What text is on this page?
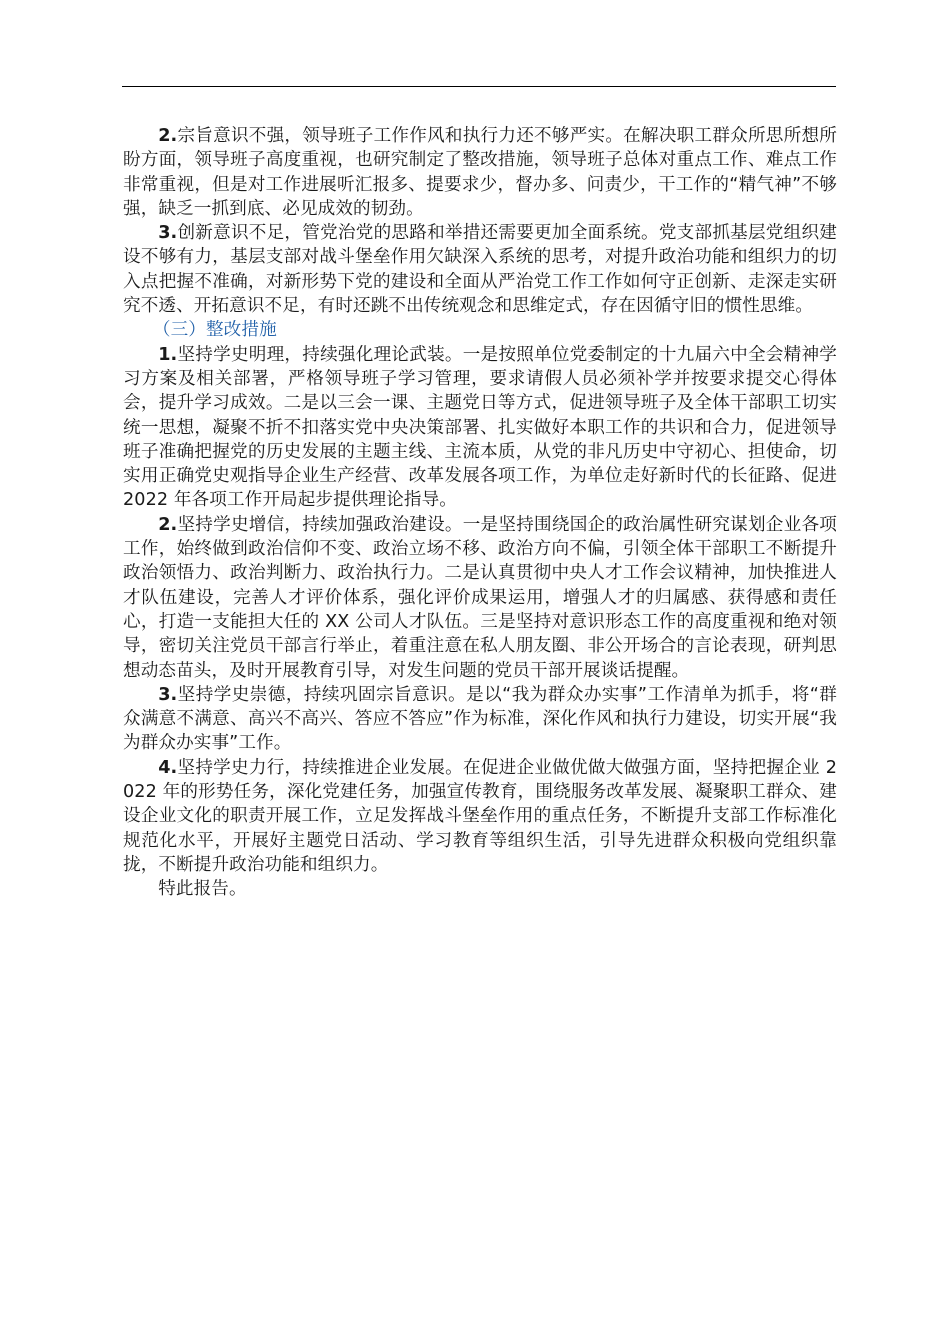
2.宗旨意识不强，领导班子工作作风和执行力还不够严实。在解决职工群众所思所想所盼方面，领导班子高度重视，也研究制定了整改措施，领导班子总体对重点工作、难点工作非常重视，但是对工作进展听汇报多、提要求少，督办多、问责少，干工作的“精气神”不够强，缺乏一抓到底、必见成效的韧劲。

3.创新意识不足，管党治党的思路和举措还需要更加全面系统。党支部抓基层党组织建设不够有力，基层支部对战斗堡垒作用欠缺深入系统的思考，对提升政治功能和组织力的切入点把握不准确，对新形势下党的建设和全面从严治党工作工作如何守正创新、走深走实研究不透、开拓意识不足，有时还跳不出传统观念和思维定式，存在因循守旧的惯性思维。

（三）整改措施

1.坚持学史明理，持续强化理论武装。一是按照单位党委制定的十九届六中全会精神学习方案及相关部署，严格领导班子学习管理，要求请假人员必须补学并按要求提交心得体会，提升学习成效。二是以三会一课、主题党日等方式，促进领导班子及全体干部职工切实统一思想，凝聚不折不扣落实党中央决策部署、扎实做好本职工作的共识和合力，促进领导班子准确把握党的历史发展的主题主线、主流本质，从党的非凡历史中守初心、担使命，切实用正确党史观指导企业生产经营、改革发展各项工作，为单位走好新时代的长征路、促进 2022 年各项工作开局起步提供理论指导。

2.坚持学史增信，持续加强政治建设。一是坚持围绕国企的政治属性研究谋划企业各项工作，始终做到政治信仰不变、政治立场不移、政治方向不偏，引领全体干部职工不断提升政治领悟力、政治判断力、政治执行力。二是认真贯彻中央人才工作会议精神，加快推进人才队伍建设，完善人才评价体系，强化评价成果运用，增强人才的归属感、获得感和责任心，打造一支能担大任的 XX 公司人才队伍。三是坚持对意识形态工作的高度重视和绝对领导，密切关注党员干部言行举止，着重注意在私人朋友圈、非公开场合的言论表现，研判思想动态苗头，及时开展教育引导，对发生问题的党员干部开展谈话提醒。

3.坚持学史崇德，持续巩固宗旨意识。是以“我为群众办实事”工作清单为抓手，将“群众满意不满意、高兴不高兴、答应不答应”作为标准，深化作风和执行力建设，切实开展“我为群众办实事”工作。

4.坚持学史力行，持续推进企业发展。在促进企业做优做大做强方面，坚持把握企业 2022 年的形势任务，深化党建任务，加强宣传教育，围绕服务改革发展、凝聚职工群众、建设企业文化的职责开展工作，立足发挥战斗堡垒作用的重点任务，不断提升支部工作标准化规范化水平，开展好主题党日活动、学习教育等组织生活，引导先进群众积极向党组织靠拢，不断提升政治功能和组织力。

特此报告。
